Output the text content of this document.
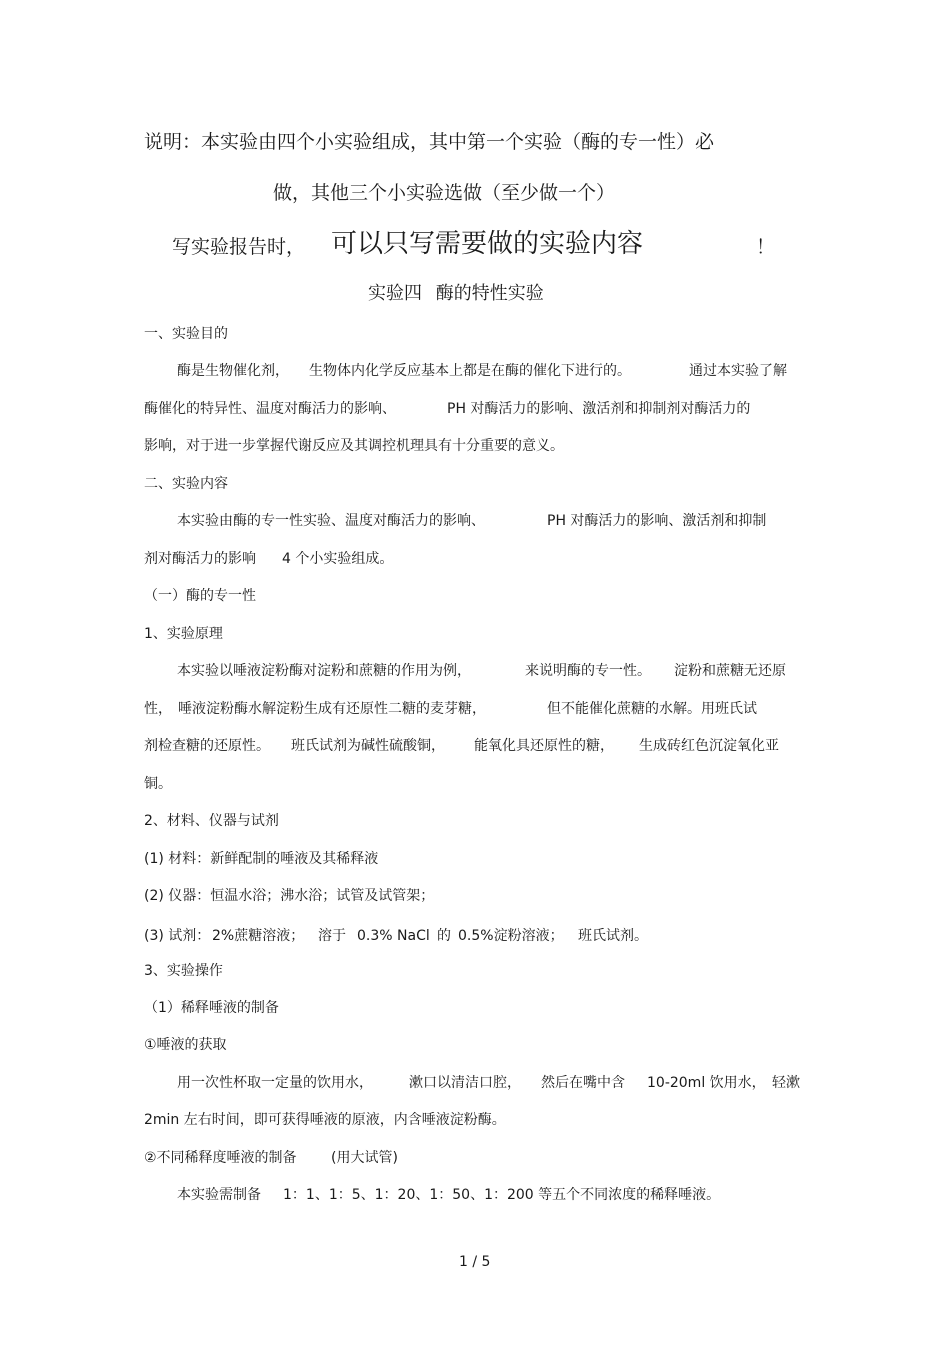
说明：本实验由四个小实验组成，其中第一个实验（酶的专一性）必
做，其他三个小实验选做（至少做一个）
写实验报告时， 可以只写需要做的实验内容	！
实验四 酶的特性实验
一、实验目的
酶是生物催化剂， 生物体内化学反应基本上都是在酶的催化下进行的。	通过本实验了解
酶催化的特异性、温度对酶活力的影响、	PH 对酶活力的影响、激活剂和抑制剂对酶活力的
影响，对于进一步掌握代谢反应及其调控机理具有十分重要的意义。
二、实验内容
本实验由酶的专一性实验、温度对酶活力的影响、	PH 对酶活力的影响、激活剂和抑制
剂对酶活力的影响 4 个小实验组成。
（一）酶的专一性
1、实验原理
本实验以唾液淀粉酶对淀粉和蔗糖的作用为例，	来说明酶的专一性。 淀粉和蔗糖无还原
性， 唾液淀粉酶水解淀粉生成有还原性二糖的麦芽糖，	但不能催化蔗糖的水解。用班氏试
剂检查糖的还原性。 班氏试剂为碱性硫酸铜， 能氧化具还原性的糖， 生成砖红色沉淀氧化亚
铜。
2、材料、仪器与试剂
(1) 材料：新鲜配制的唾液及其稀释液
(2) 仪器：恒温水浴；沸水浴；试管及试管架；
(3) 试剂： 2%蔗糖溶液； 溶于 0.3% NaCl 的 0.5%淀粉溶液； 班氏试剂。
3、实验操作
（1）稀释唾液的制备
①唾液的获取
用一次性杯取一定量的饮用水，	漱口以清洁口腔， 然后在嘴中含 10-20ml 饮用水， 轻漱
2min 左右时间，即可获得唾液的原液，内含唾液淀粉酶。
②不同稀释度唾液的制备 (用大试管)
本实验需制备 1：1、1：5、1：20、1：50、1：200 等五个不同浓度的稀释唾液。
1 / 5
